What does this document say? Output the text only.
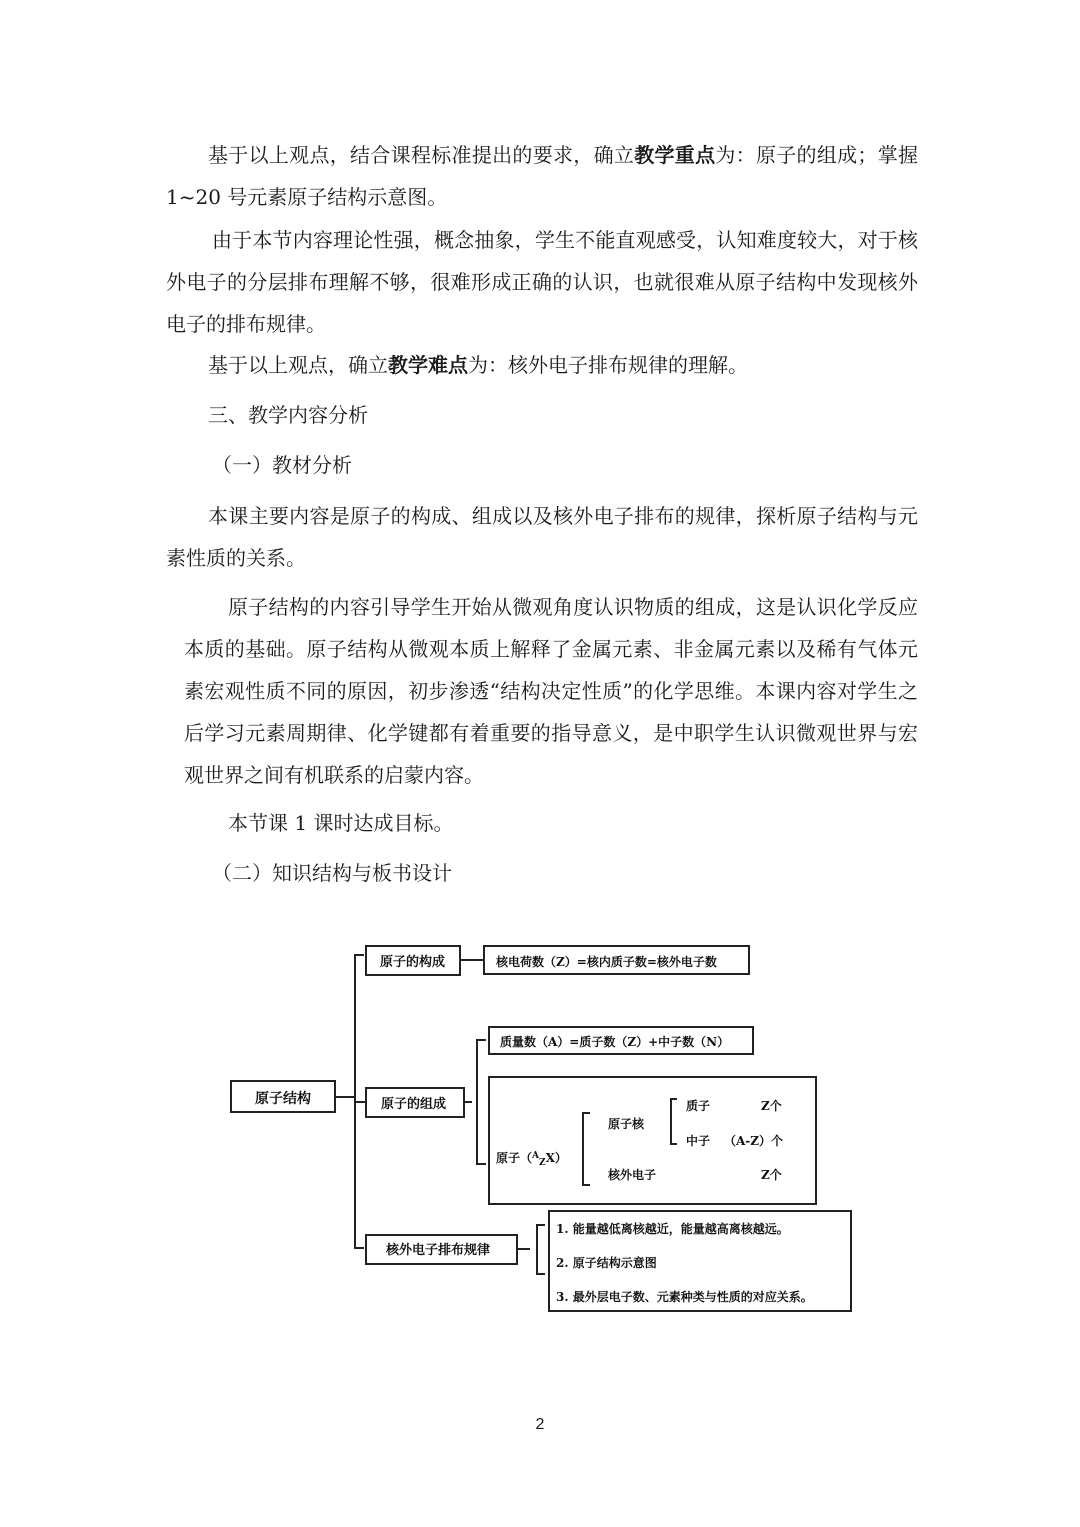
基于以上观点，结合课程标准提出的要求，确立教学重点为：原子的组成；掌握 1~20 号元素原子结构示意图。

由于本节内容理论性强，概念抽象，学生不能直观感受，认知难度较大，对于核外电子的分层排布理解不够，很难形成正确的认识，也就很难从原子结构中发现核外电子的排布规律。

基于以上观点，确立教学难点为：核外电子排布规律的理解。

三、教学内容分析
（一）教材分析

本课主要内容是原子的构成、组成以及核外电子排布的规律，探析原子结构与元素性质的关系。

原子结构的内容引导学生开始从微观角度认识物质的组成，这是认识化学反应本质的基础。原子结构从微观本质上解释了金属元素、非金属元素以及稀有气体元素宏观性质不同的原因，初步渗透“结构决定性质”的化学思维。本课内容对学生之后学习元素周期律、化学键都有着重要的指导意义，是中职学生认识微观世界与宏观世界之间有机联系的启蒙内容。

本节课 1 课时达成目标。

（二）知识结构与板书设计
原子结构
原子的构成	核电荷数（Z）=核内质子数=核外电子数
原子的组成
质量数（A）=质子数（Z）+中子数（N）
原子（$^A_Z$X）
原子核
质子	Z个
中子 （A-Z）个
核外电子	Z个
核外电子排布规律
1. 能量越低离核越近，能量越高离核越远。
2. 原子结构示意图
3. 最外层电子数、元素种类与性质的对应关系。
2
